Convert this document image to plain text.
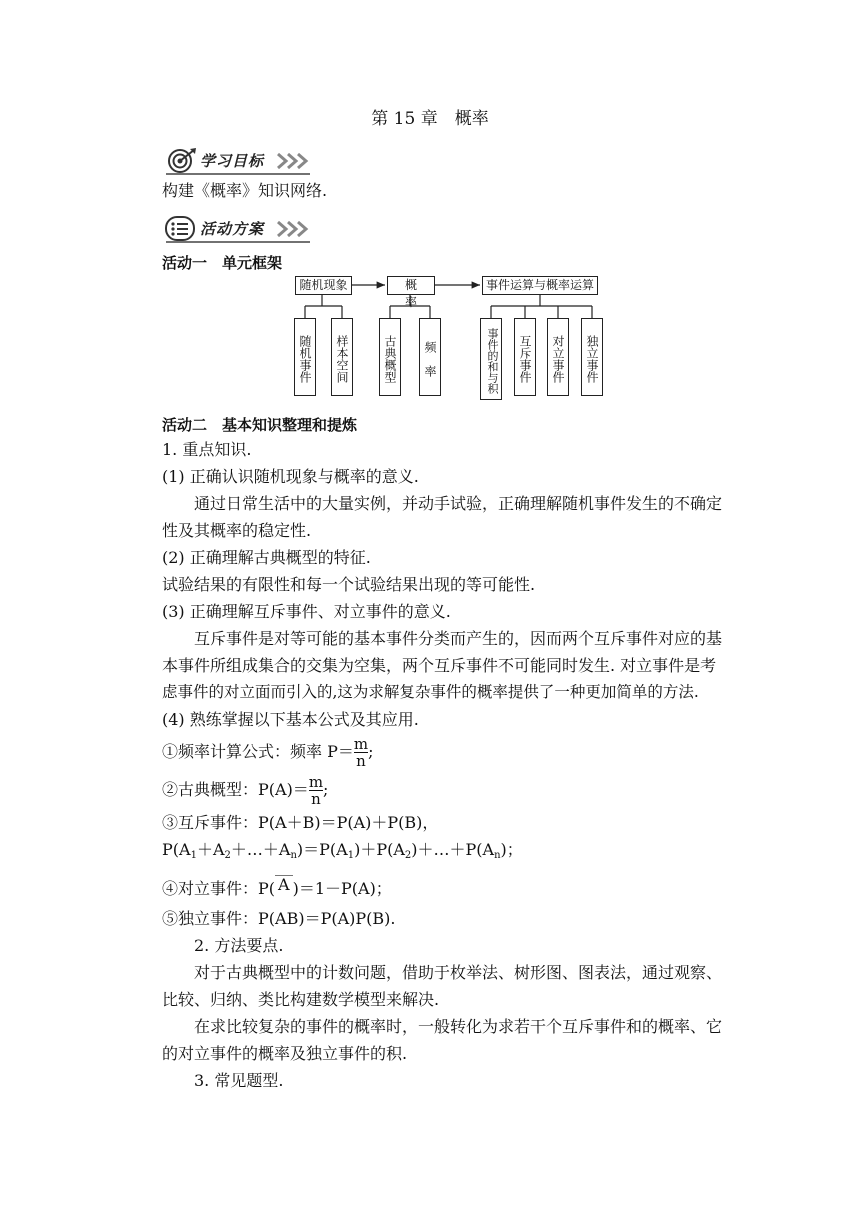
第 15 章　概率
学习目标
构建《概率》知识网络.
活动方案
活动一　单元框架
随机现象	概　　率
事件运算与概率运算
随机事件	样本空间	古典概型	频　率	事件的和与积	互斥事件	对立事件	独立事件
活动二　基本知识整理和提炼
1. 重点知识.
(1) 正确认识随机现象与概率的意义.
通过日常生活中的大量实例，并动手试验，正确理解随机事件发生的不确定
性及其概率的稳定性.
(2) 正确理解古典概型的特征.
试验结果的有限性和每一个试验结果出现的等可能性.
(3) 正确理解互斥事件、对立事件的意义.
互斥事件是对等可能的基本事件分类而产生的，因而两个互斥事件对应的基
本事件所组成集合的交集为空集，两个互斥事件不可能同时发生. 对立事件是考
虑事件的对立面而引入的,这为求解复杂事件的概率提供了一种更加简单的方法.
(4) 熟练掌握以下基本公式及其应用.
①频率计算公式：频率 $P= \frac{m}{n}$ ;
②古典概型：$P(A)= \frac{m}{n}$ ;
③互斥事件：P(A＋B)＝P(A)＋P(B)，
$P(A_1+A_2+\dots+A_n)=P(A_1)+P(A_2)+\dots+P(A_n)$；
④对立事件：P( A )＝1－P(A)；
⑤独立事件：P(AB)＝P(A)P(B).
2. 方法要点.
对于古典概型中的计数问题，借助于枚举法、树形图、图表法，通过观察、
比较、归纳、类比构建数学模型来解决.
在求比较复杂的事件的概率时，一般转化为求若干个互斥事件和的概率、它
的对立事件的概率及独立事件的积.
3. 常见题型.
